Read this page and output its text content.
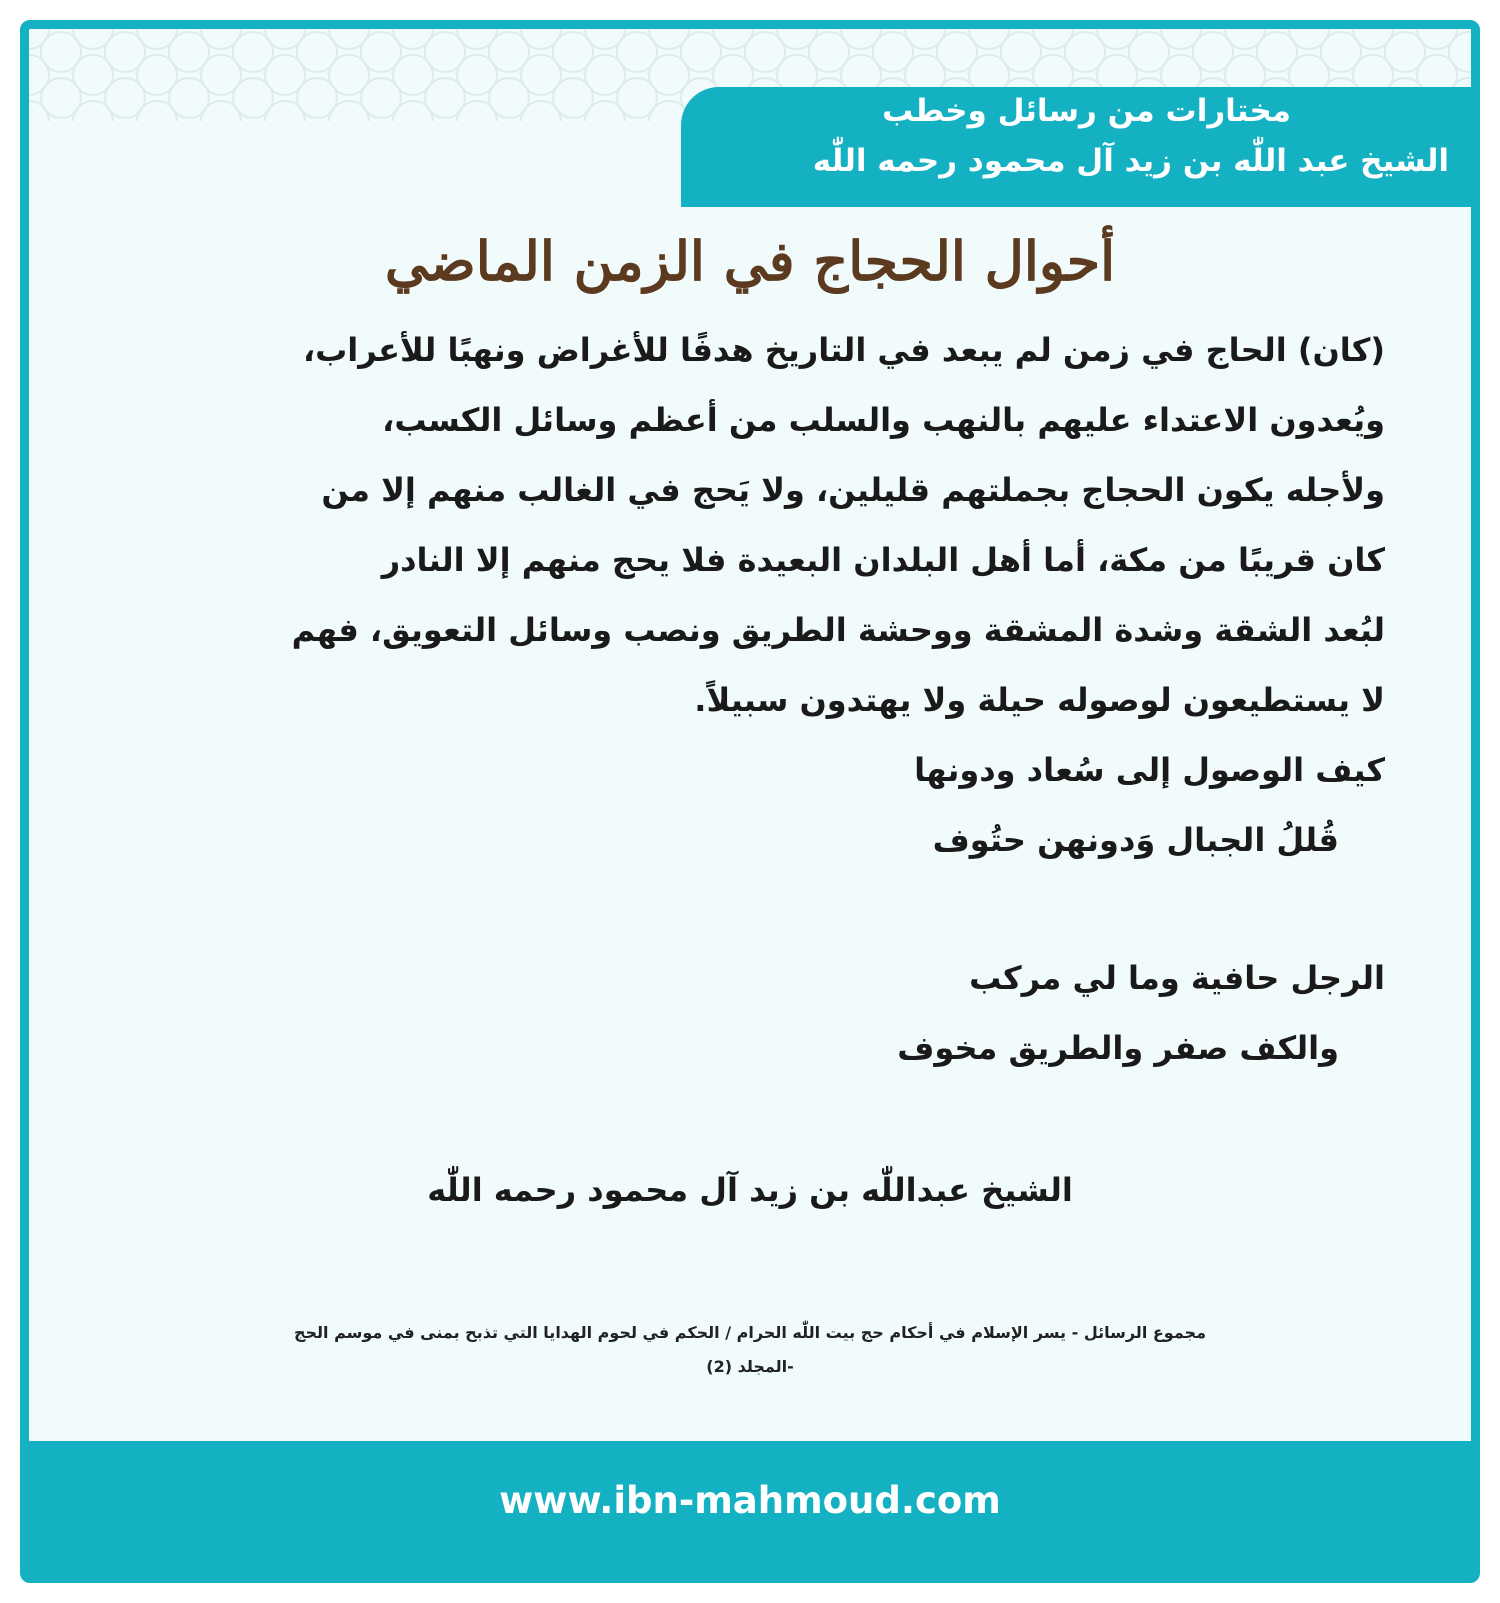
مختارات من رسائل وخطب
الشيخ عبد اللّٰه بن زيد آل محمود رحمه اللّٰه
أحوال الحجاج في الزمن الماضي
(كان) الحاج في زمن لم يبعد في التاريخ هدفًا للأغراض ونهبًا للأعراب،
ويُعدون الاعتداء عليهم بالنهب والسلب من أعظم وسائل الكسب،
ولأجله يكون الحجاج بجملتهم قليلين، ولا يَحج في الغالب منهم إلا من
كان قريبًا من مكة، أما أهل البلدان البعيدة فلا يحج منهم إلا النادر
لبُعد الشقة وشدة المشقة ووحشة الطريق ونصب وسائل التعويق، فهم
لا يستطيعون لوصوله حيلة ولا يهتدون سبيلاً.
كيف الوصول إلى سُعاد ودونها
قُللُ الجبال وَدونهن حتُوف
الرجل حافية وما لي مركب
والكف صفر والطريق مخوف
الشيخ عبداللّٰه بن زيد آل محمود رحمه اللّٰه
مجموع الرسائل - يسر الإسلام في أحكام حج بيت اللّٰه الحرام / الحكم في لحوم الهدايا التي تذبح بمنى في موسم الحج
-المجلد (2)
www.ibn-mahmoud.com
